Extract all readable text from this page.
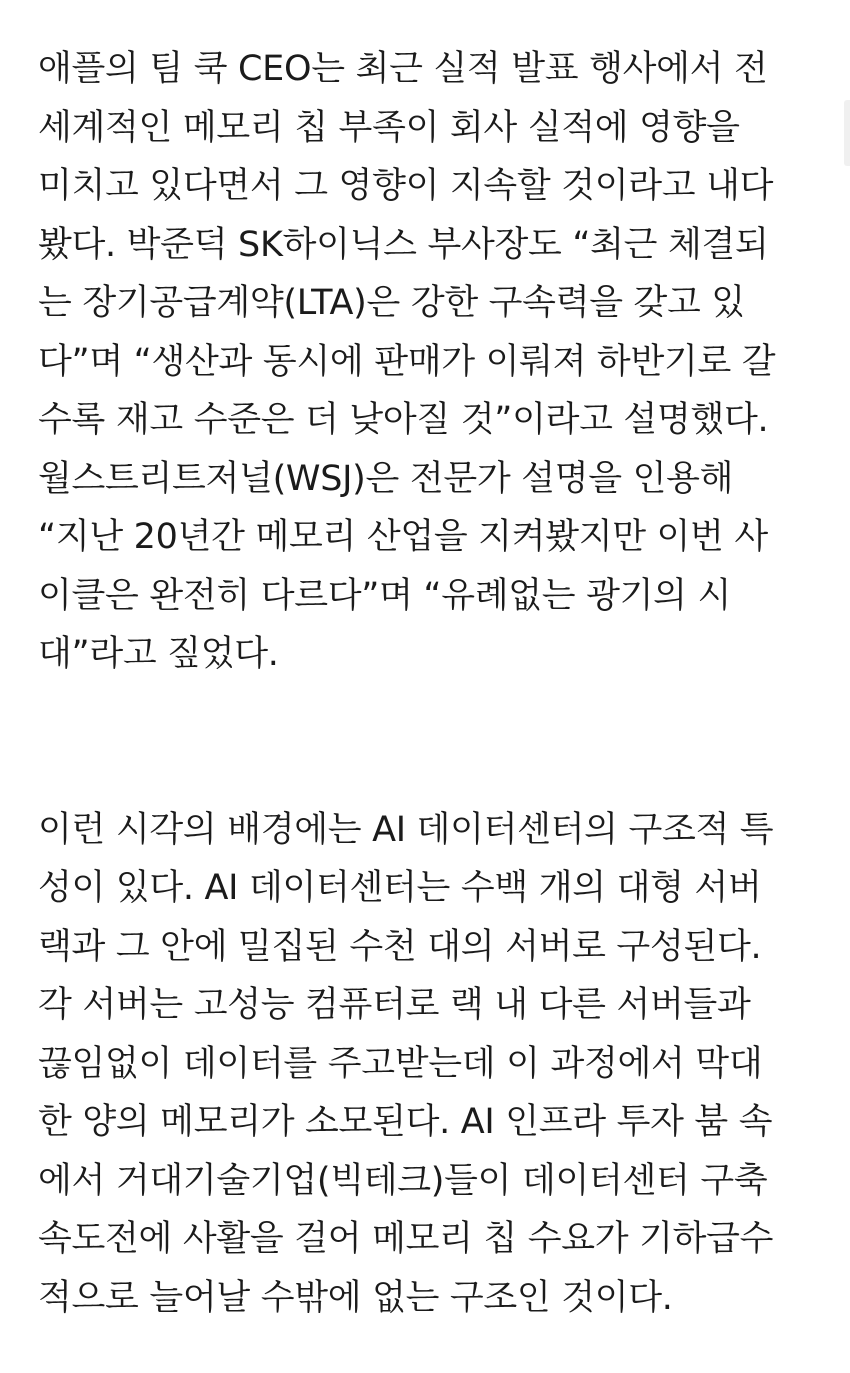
애플의 팀 쿡 CEO는 최근 실적 발표 행사에서 전
세계적인 메모리 칩 부족이 회사 실적에 영향을
미치고 있다면서 그 영향이 지속할 것이라고 내다
봤다. 박준덕 SK하이닉스 부사장도 “최근 체결되
는 장기공급계약(LTA)은 강한 구속력을 갖고 있
다”며 “생산과 동시에 판매가 이뤄져 하반기로 갈
수록 재고 수준은 더 낮아질 것”이라고 설명했다.
월스트리트저널(WSJ)은 전문가 설명을 인용해
“지난 20년간 메모리 산업을 지켜봤지만 이번 사
이클은 완전히 다르다”며 “유례없는 광기의 시
대”라고 짚었다.

이런 시각의 배경에는 AI 데이터센터의 구조적 특
성이 있다. AI 데이터센터는 수백 개의 대형 서버
랙과 그 안에 밀집된 수천 대의 서버로 구성된다.
각 서버는 고성능 컴퓨터로 랙 내 다른 서버들과
끊임없이 데이터를 주고받는데 이 과정에서 막대
한 양의 메모리가 소모된다. AI 인프라 투자 붐 속
에서 거대기술기업(빅테크)들이 데이터센터 구축
속도전에 사활을 걸어 메모리 칩 수요가 기하급수
적으로 늘어날 수밖에 없는 구조인 것이다.
